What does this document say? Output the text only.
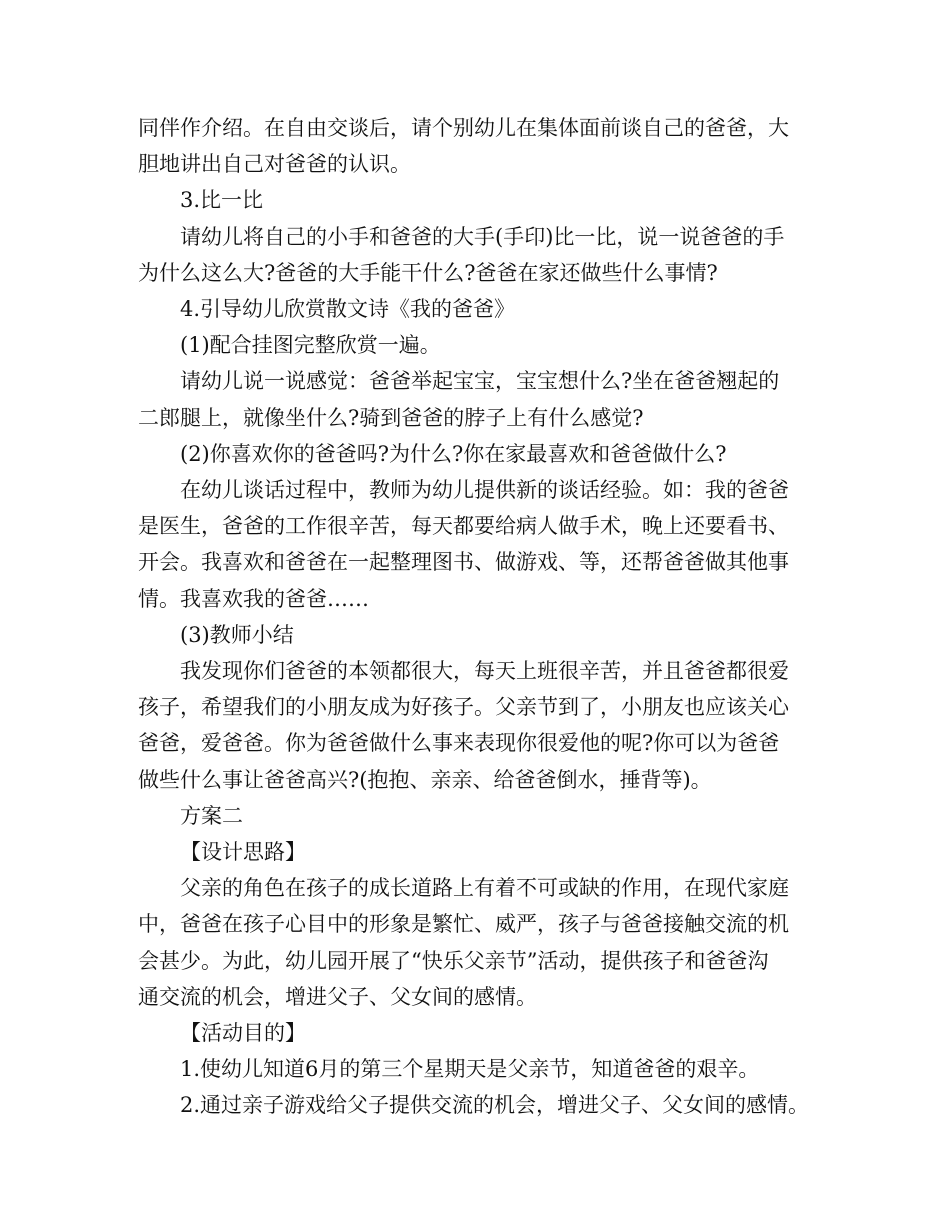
同伴作介绍。在自由交谈后，请个别幼儿在集体面前谈自己的爸爸，大

胆地讲出自己对爸爸的认识。

3.比一比

请幼儿将自己的小手和爸爸的大手(手印)比一比，说一说爸爸的手

为什么这么大?爸爸的大手能干什么?爸爸在家还做些什么事情?

4.引导幼儿欣赏散文诗《我的爸爸》

(1)配合挂图完整欣赏一遍。

请幼儿说一说感觉：爸爸举起宝宝，宝宝想什么?坐在爸爸翘起的

二郎腿上，就像坐什么?骑到爸爸的脖子上有什么感觉?

(2)你喜欢你的爸爸吗?为什么?你在家最喜欢和爸爸做什么?

在幼儿谈话过程中，教师为幼儿提供新的谈话经验。如：我的爸爸

是医生，爸爸的工作很辛苦，每天都要给病人做手术，晚上还要看书、

开会。我喜欢和爸爸在一起整理图书、做游戏、等，还帮爸爸做其他事

情。我喜欢我的爸爸……

(3)教师小结

我发现你们爸爸的本领都很大，每天上班很辛苦，并且爸爸都很爱

孩子，希望我们的小朋友成为好孩子。父亲节到了，小朋友也应该关心

爸爸，爱爸爸。你为爸爸做什么事来表现你很爱他的呢?你可以为爸爸

做些什么事让爸爸高兴?(抱抱、亲亲、给爸爸倒水，捶背等)。

方案二

【设计思路】

父亲的角色在孩子的成长道路上有着不可或缺的作用，在现代家庭

中，爸爸在孩子心目中的形象是繁忙、威严，孩子与爸爸接触交流的机

会甚少。为此，幼儿园开展了“快乐父亲节”活动，提供孩子和爸爸沟

通交流的机会，增进父子、父女间的感情。

【活动目的】

1.使幼儿知道6月的第三个星期天是父亲节，知道爸爸的艰辛。

2.通过亲子游戏给父子提供交流的机会，增进父子、父女间的感情。
